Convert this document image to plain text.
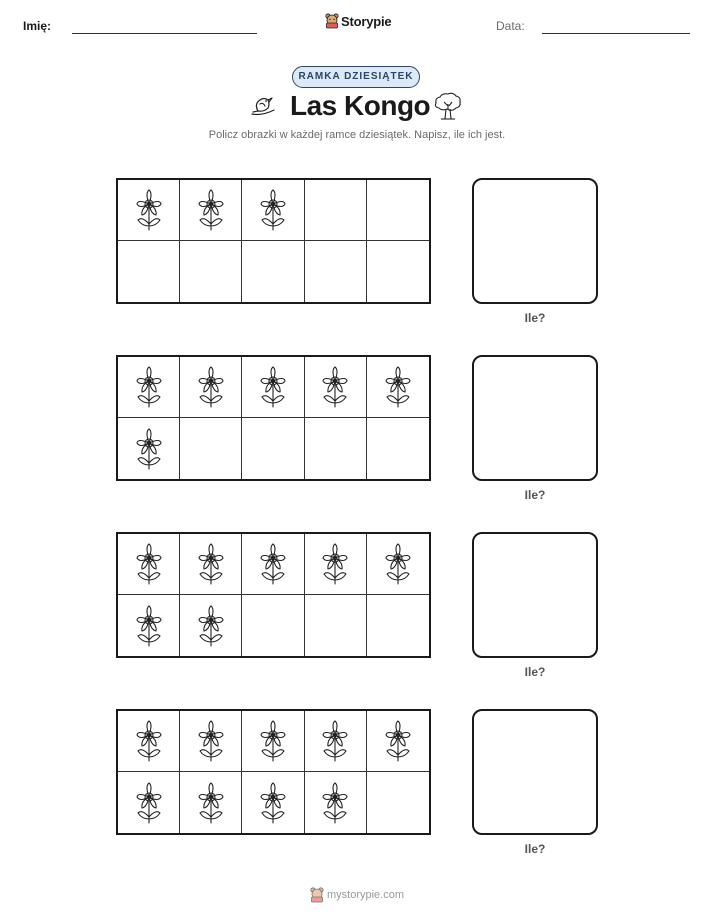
Imię:	Storypie	Data:
RAMKA DZIESIĄTEK
Las Kongo
Policz obrazki w każdej ramce dziesiątek. Napisz, ile ich jest.
Ile?
Ile?
Ile?
Ile?
mystorypie.com
